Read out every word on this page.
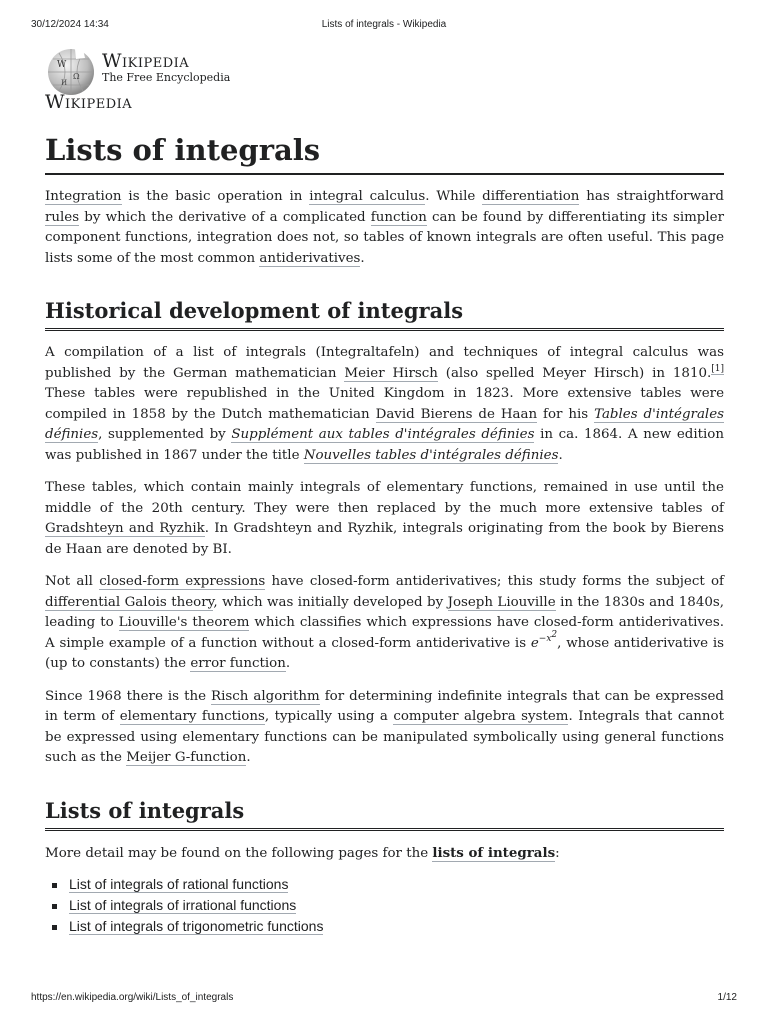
30/12/2024 14:34	Lists of integrals - Wikipedia
W
Ω
И
Wikipedia
The Free Encyclopedia
Wikipedia
Lists of integrals

Integration is the basic operation in integral calculus. While differentiation has straightforward rules by which the derivative of a complicated function can be found by differentiating its simpler component functions, integration does not, so tables of known integrals are often useful. This page lists some of the most common antiderivatives.

Historical development of integrals

A compilation of a list of integrals (Integraltafeln) and techniques of integral calculus was published by the German mathematician Meier Hirsch (also spelled Meyer Hirsch) in 1810.[1] These tables were republished in the United Kingdom in 1823. More extensive tables were compiled in 1858 by the Dutch mathematician David Bierens de Haan for his Tables d'intégrales définies, supplemented by Supplément aux tables d'intégrales définies in ca. 1864. A new edition was published in 1867 under the title Nouvelles tables d'intégrales définies.

These tables, which contain mainly integrals of elementary functions, remained in use until the middle of the 20th century. They were then replaced by the much more extensive tables of Gradshteyn and Ryzhik. In Gradshteyn and Ryzhik, integrals originating from the book by Bierens de Haan are denoted by BI.

Not all closed-form expressions have closed-form antiderivatives; this study forms the subject of differential Galois theory, which was initially developed by Joseph Liouville in the 1830s and 1840s, leading to Liouville's theorem which classifies which expressions have closed-form antiderivatives. A simple example of a function without a closed-form antiderivative is $e^{-x^2}$, whose antiderivative is (up to constants) the error function.

Since 1968 there is the Risch algorithm for determining indefinite integrals that can be expressed in term of elementary functions, typically using a computer algebra system. Integrals that cannot be expressed using elementary functions can be manipulated symbolically using general functions such as the Meijer G-function.

Lists of integrals

More detail may be found on the following pages for the lists of integrals:

List of integrals of rational functions
List of integrals of irrational functions
List of integrals of trigonometric functions
https://en.wikipedia.org/wiki/Lists_of_integrals	1/12
